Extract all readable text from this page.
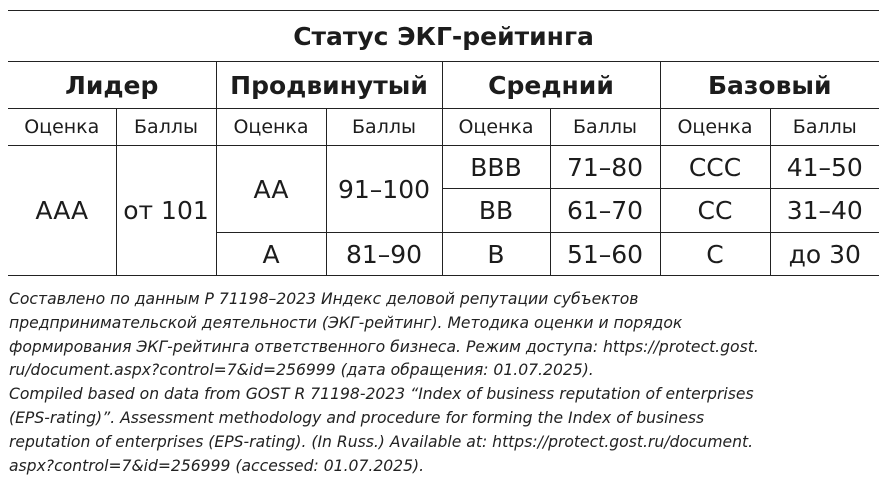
Статус ЭКГ-рейтинга							
Лидер		Продвинутый		Средний		Базовый	
Оценка	Баллы	Оценка	Баллы	Оценка	Баллы	Оценка	Баллы
AAA	от 101	AA	91–100	BBB	71–80	CCC	41–50
				BB	61–70	CC	31–40
		A	81–90	B	51–60	C	до 30
Составлено по данным Р 71198–2023 Индекс деловой репутации субъектов
предпринимательской деятельности (ЭКГ-рейтинг). Методика оценки и порядок
формирования ЭКГ-рейтинга ответственного бизнеса. Режим доступа: https://protect.gost.
ru/document.aspx?control=7&id=256999 (дата обращения: 01.07.2025).
Compiled based on data from GOST R 71198-2023 “Index of business reputation of enterprises
(EPS-rating)”. Assessment methodology and procedure for forming the Index of business
reputation of enterprises (EPS-rating). (In Russ.) Available at: https://protect.gost.ru/document.
aspx?control=7&id=256999 (accessed: 01.07.2025).
